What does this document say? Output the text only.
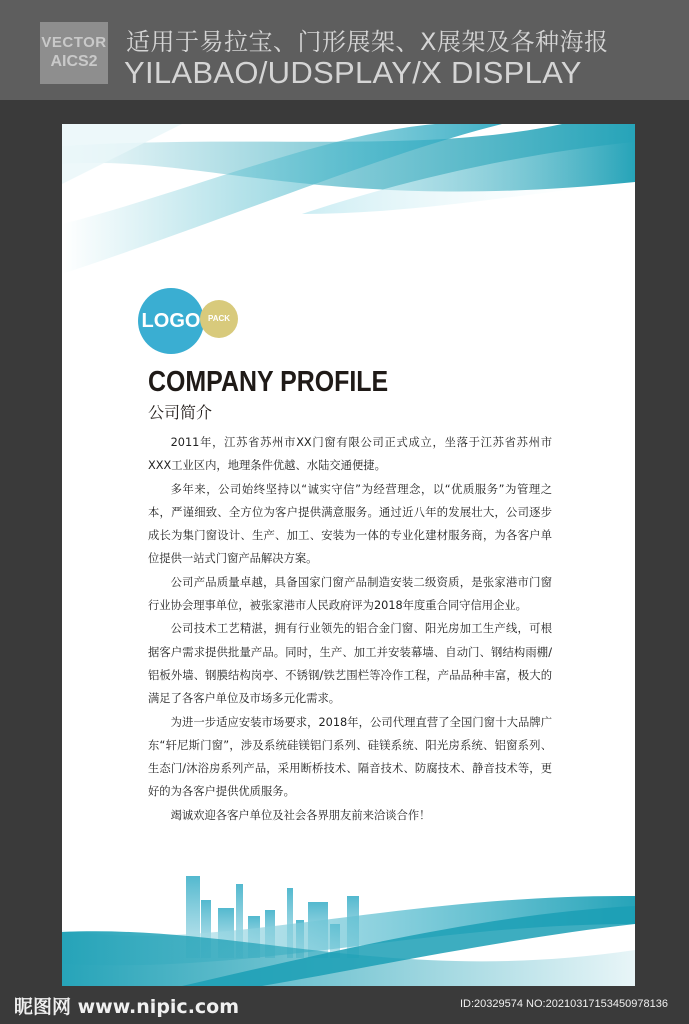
VECTOR
AICS2
适用于易拉宝、门形展架、X展架及各种海报
YILABAO/UDSPLAY/X DISPLAY
LOGO PACK
COMPANY PROFILE
公司简介

2011年，江苏省苏州市XX门窗有限公司正式成立，坐落于江苏省苏州市XXX工业区内，地理条件优越、水陆交通便捷。

多年来，公司始终坚持以“诚实守信”为经营理念，以“优质服务”为管理之本，严谨细致、全方位为客户提供满意服务。通过近八年的发展壮大，公司逐步成长为集门窗设计、生产、加工、安装为一体的专业化建材服务商，为各客户单位提供一站式门窗产品解决方案。

公司产品质量卓越，具备国家门窗产品制造安装二级资质，是张家港市门窗行业协会理事单位，被张家港市人民政府评为2018年度重合同守信用企业。

公司技术工艺精湛，拥有行业领先的铝合金门窗、阳光房加工生产线，可根据客户需求提供批量产品。同时，生产、加工并安装幕墙、自动门、钢结构雨棚/铝板外墙、钢膜结构岗亭、不锈钢/铁艺围栏等冷作工程，产品品种丰富，极大的满足了各客户单位及市场多元化需求。

为进一步适应安装市场要求，2018年，公司代理直营了全国门窗十大品牌广东“轩尼斯门窗”，涉及系统硅镁铝门系列、硅镁系统、阳光房系统、铝窗系列、生态门/沐浴房系列产品，采用断桥技术、隔音技术、防腐技术、静音技术等，更好的为各客户提供优质服务。

竭诚欢迎各客户单位及社会各界朋友前来洽谈合作！

昵图网 www.nipic.com	ID:20329574 NO:20210317153450978136
